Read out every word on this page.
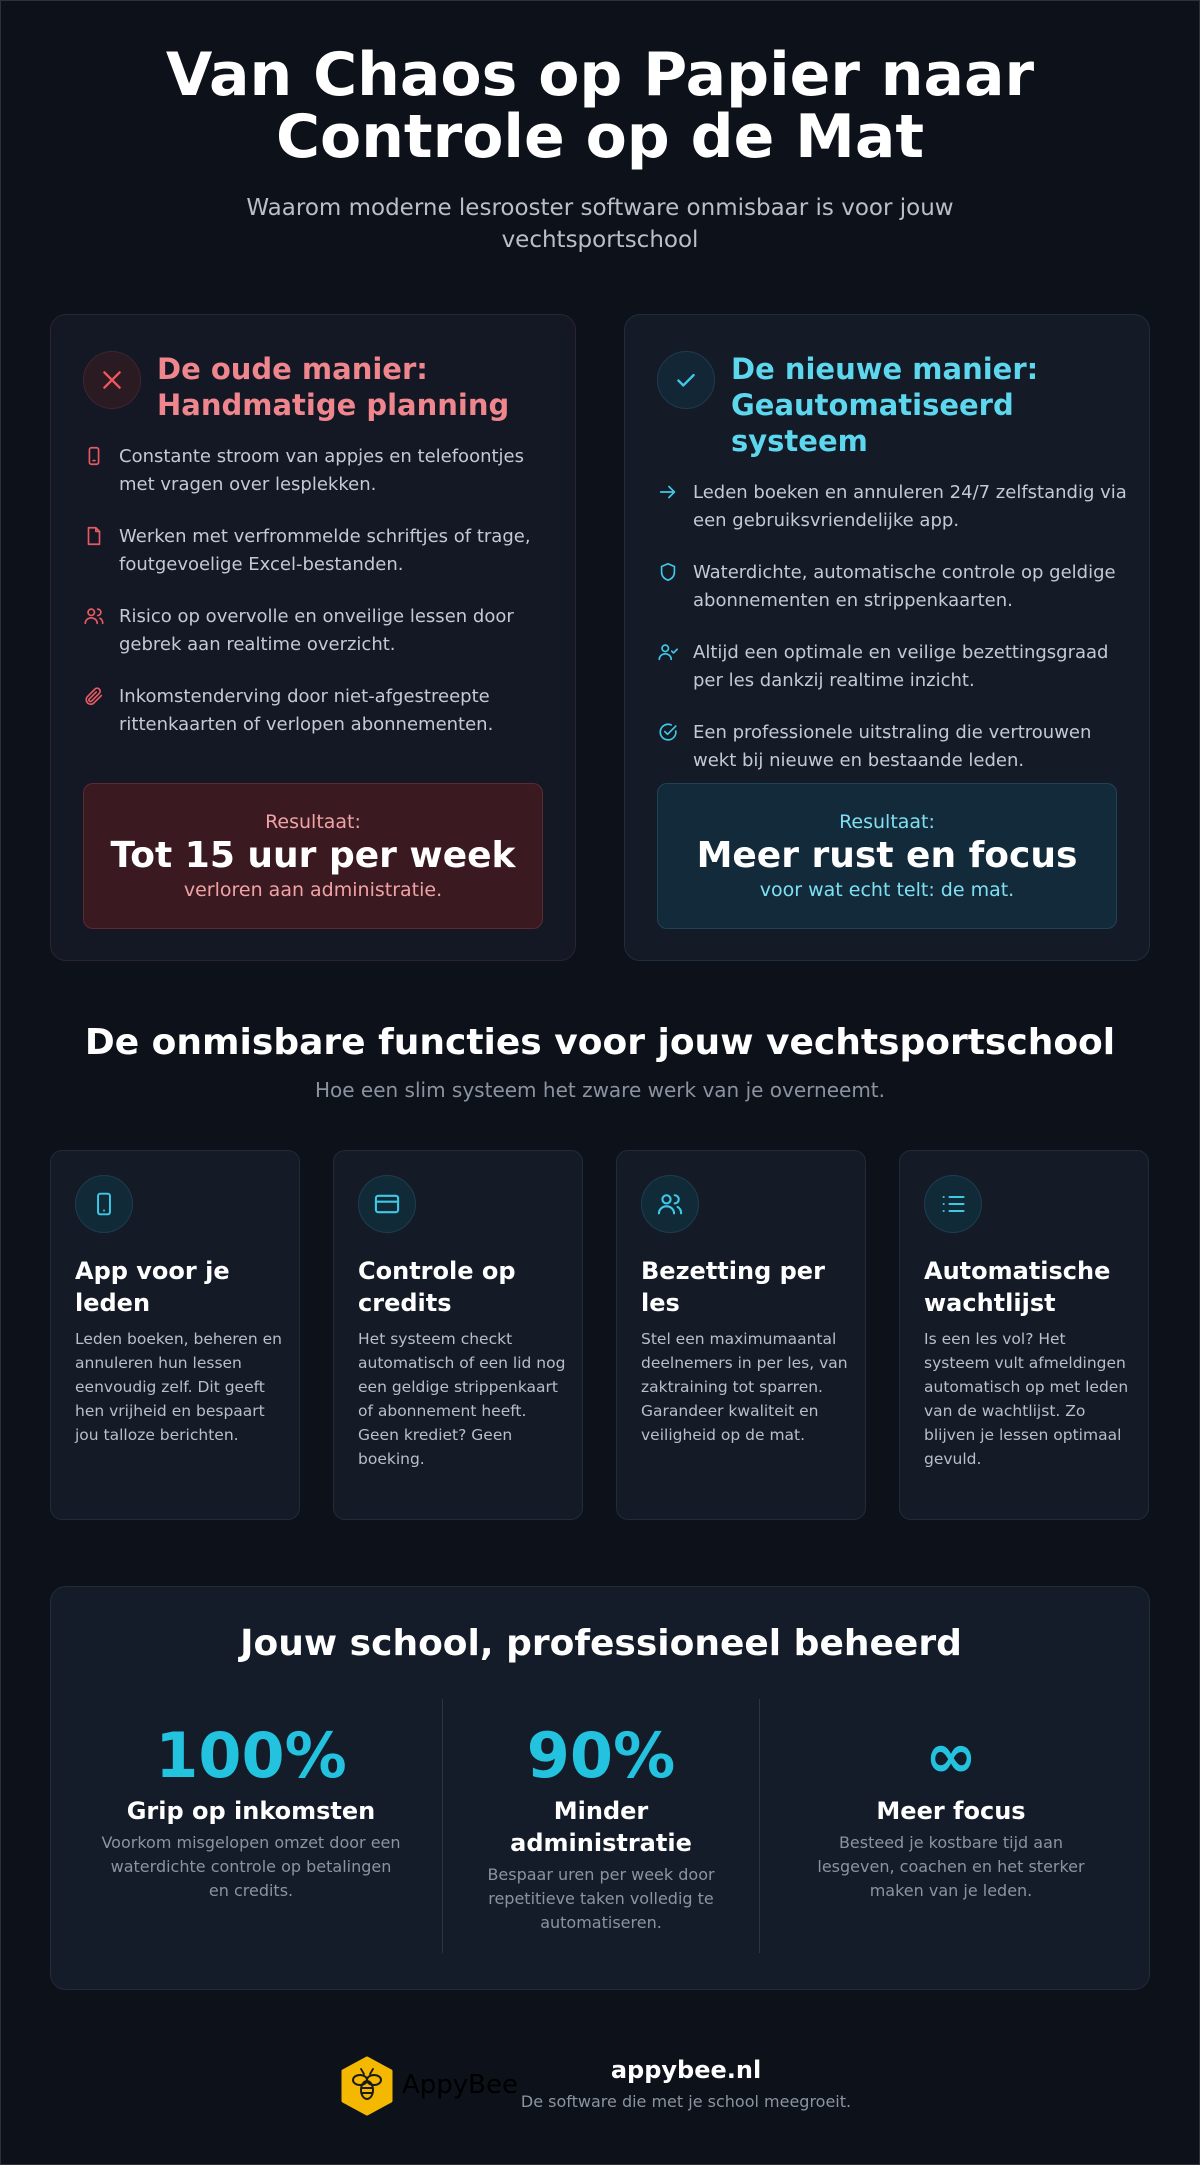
Van Chaos op Papier naar
Controle op de Mat

Waarom moderne lesrooster software onmisbaar is voor jouw vechtsportschool

De oude manier: Handmatige planning
Constante stroom van appjes en telefoontjes met vragen over lesplekken.
Werken met verfrommelde schriftjes of trage, foutgevoelige Excel-bestanden.
Risico op overvolle en onveilige lessen door gebrek aan realtime overzicht.
Inkomstenderving door niet-afgestreepte rittenkaarten of verlopen abonnementen.
Resultaat:
Tot 15 uur per week
verloren aan administratie.
De nieuwe manier: Geautomatiseerd systeem
Leden boeken en annuleren 24/7 zelfstandig via een gebruiksvriendelijke app.
Waterdichte, automatische controle op geldige abonnementen en strippenkaarten.
Altijd een optimale en veilige bezettingsgraad per les dankzij realtime inzicht.
Een professionele uitstraling die vertrouwen wekt bij nieuwe en bestaande leden.
Resultaat:
Meer rust en focus
voor wat echt telt: de mat.
De onmisbare functies voor jouw vechtsportschool

Hoe een slim systeem het zware werk van je overneemt.

App voor je leden

Leden boeken, beheren en annuleren hun lessen eenvoudig zelf. Dit geeft hen vrijheid en bespaart jou talloze berichten.

Controle op credits

Het systeem checkt automatisch of een lid nog een geldige strippenkaart of abonnement heeft. Geen krediet? Geen boeking.

Bezetting per les

Stel een maximumaantal deelnemers in per les, van zaktraining tot sparren. Garandeer kwaliteit en veiligheid op de mat.

Automatische wachtlijst

Is een les vol? Het systeem vult afmeldingen automatisch op met leden van de wachtlijst. Zo blijven je lessen optimaal gevuld.

Jouw school, professioneel beheerd
100%
Grip op inkomsten
Voorkom misgelopen omzet door een waterdichte controle op betalingen en credits.
90%
Minder administratie
Bespaar uren per week door repetitieve taken volledig te automatiseren.
∞
Meer focus
Besteed je kostbare tijd aan lesgeven, coachen en het sterker maken van je leden.
AppyBee	appybee.nl
De software die met je school meegroeit.
